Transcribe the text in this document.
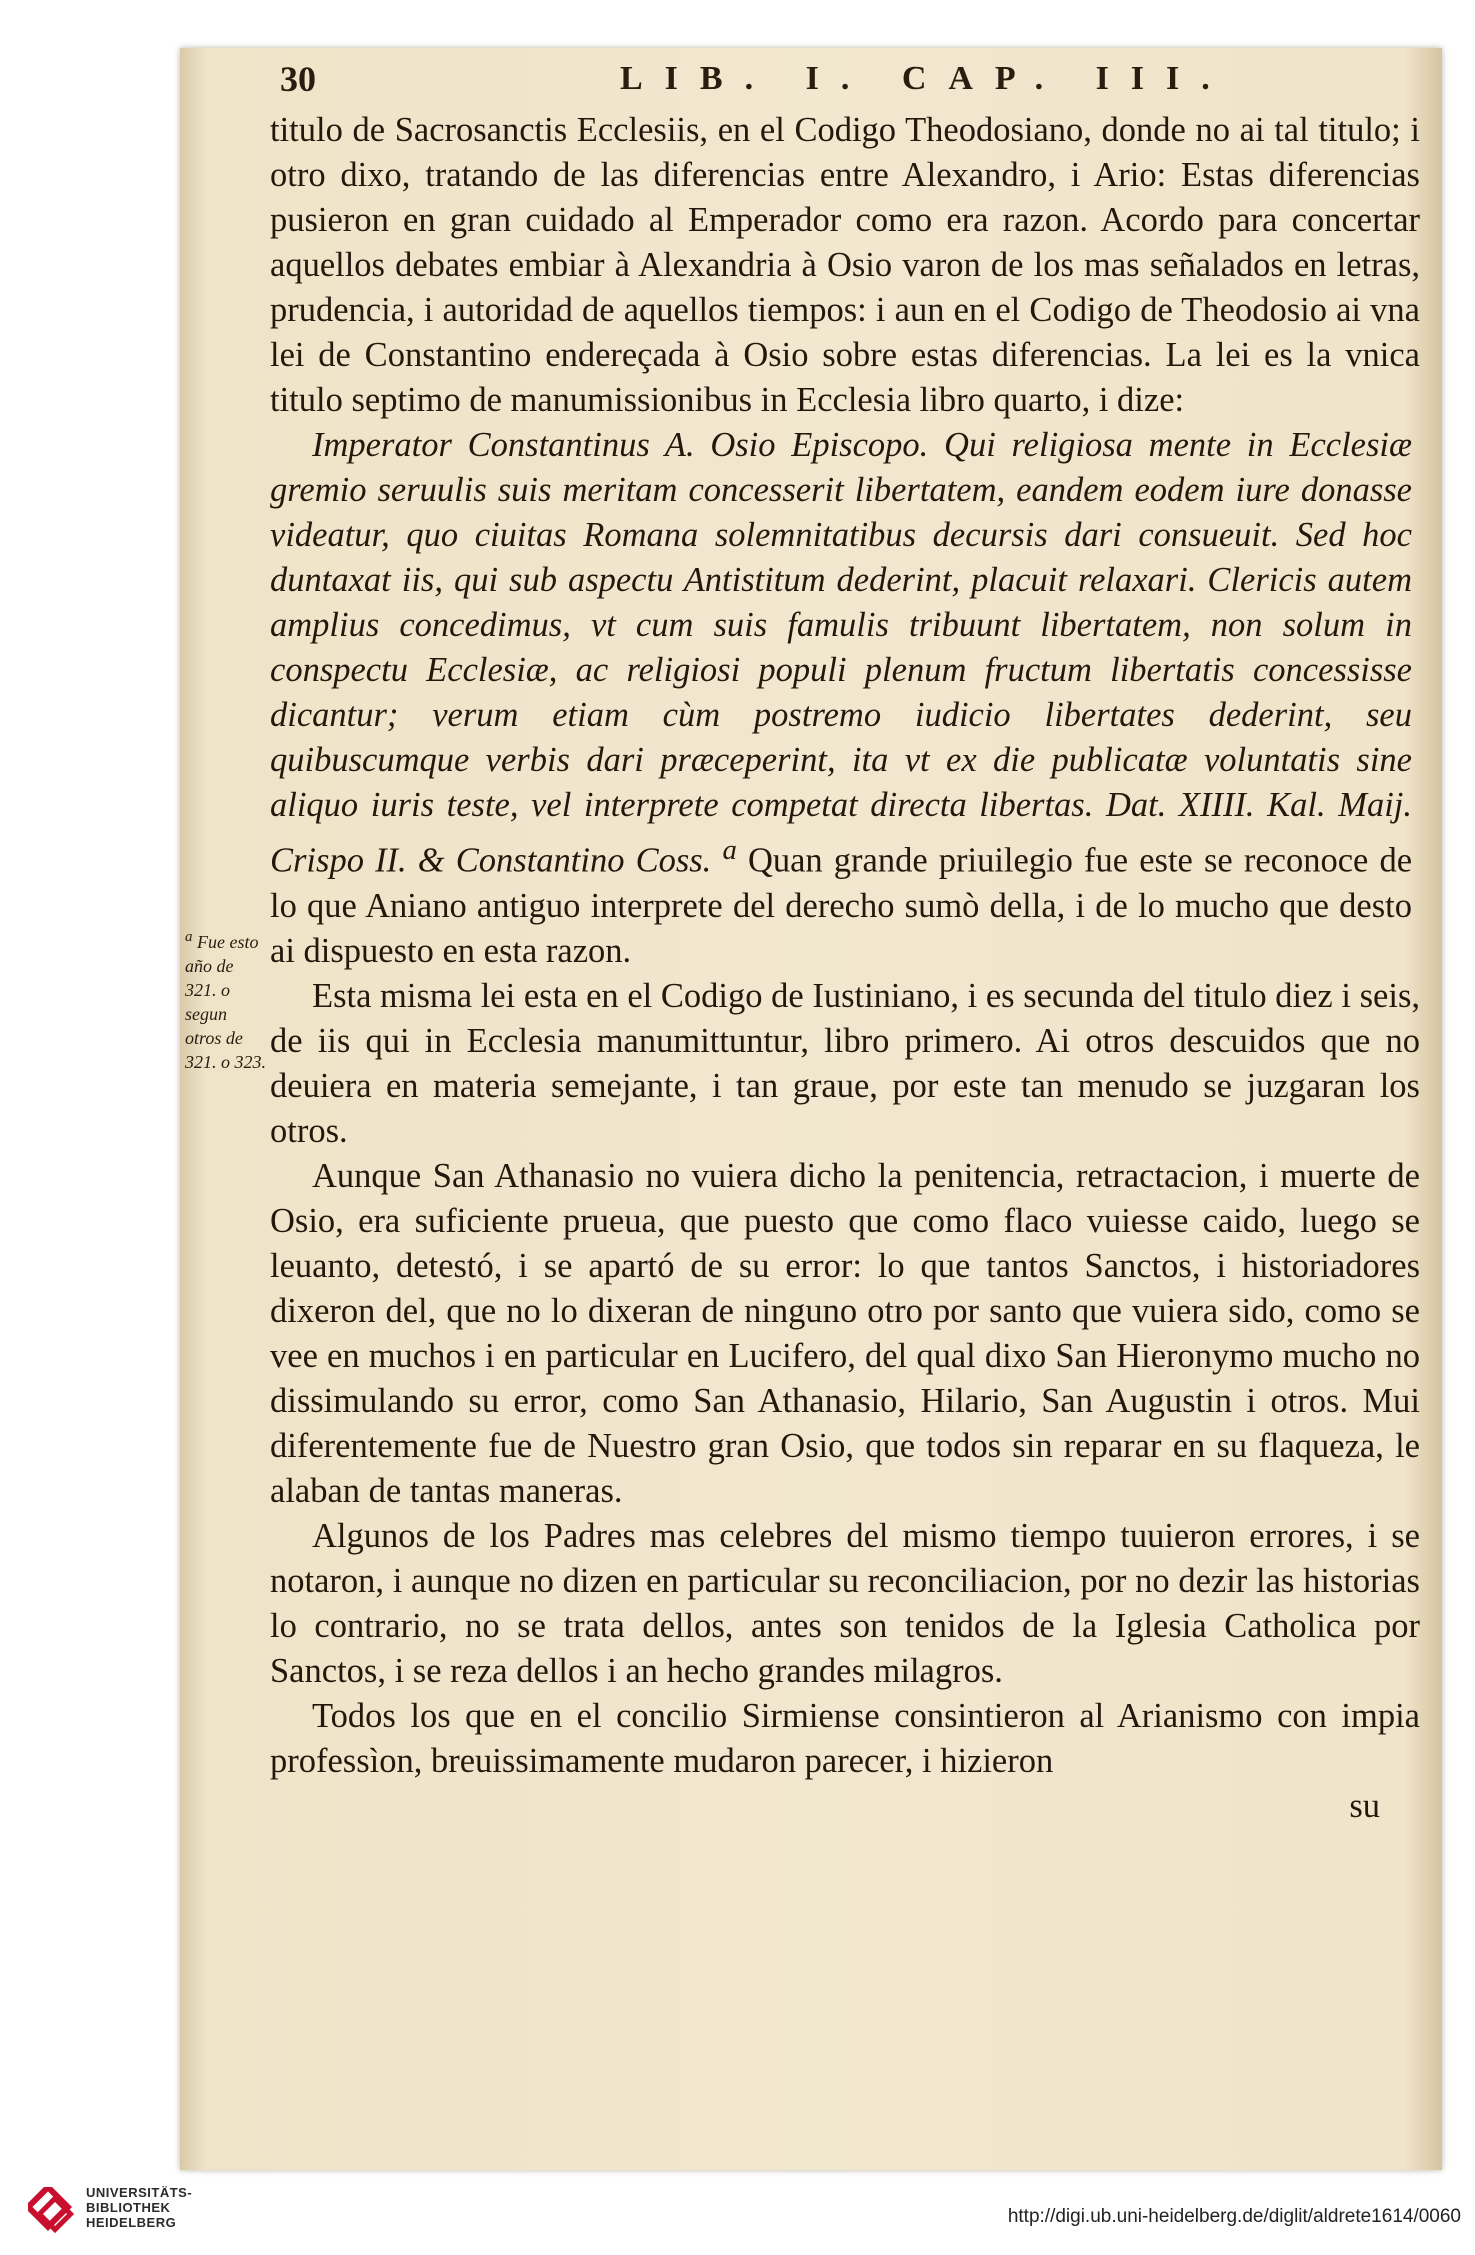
30	LIB. I. CAP. III.

titulo de Sacrosanctis Ecclesiis, en el Codigo Theodosiano, donde no ai tal titulo; i otro dixo, tratando de las diferencias entre Alexandro, i Ario: Estas diferencias pusieron en gran cuidado al Emperador como era razon. Acordo para concertar aquellos debates embiar à Alexandria à Osio varon de los mas señalados en letras, prudencia, i autoridad de aquellos tiempos: i aun en el Codigo de Theodosio ai vna lei de Constantino endereçada à Osio sobre estas diferencias. La lei es la vnica titulo septimo de manumissionibus in Ecclesia libro quarto, i dize:

Imperator Constantinus A. Osio Episcopo. Qui religiosa mente in Ecclesiæ gremio seruulis suis meritam concesserit libertatem, eandem eodem iure donasse videatur, quo ciuitas Romana solemnitatibus decursis dari consueuit. Sed hoc duntaxat iis, qui sub aspectu Antistitum dederint, placuit relaxari. Clericis autem amplius concedimus, vt cum suis famulis tribuunt libertatem, non solum in conspectu Ecclesiæ, ac religiosi populi plenum fructum libertatis concessisse dicantur; verum etiam cùm postremo iudicio libertates dederint, seu quibuscumque verbis dari præceperint, ita vt ex die publicatæ voluntatis sine aliquo iuris teste, vel interprete competat directa libertas. Dat. XIIII. Kal. Maij. Crispo II. & Constantino Coss. $^a$ Quan grande priuilegio fue este se reconoce de lo que Aniano antiguo interprete del derecho sumò della, i de lo mucho que desto ai dispuesto en esta razon.

Esta misma lei esta en el Codigo de Iustiniano, i es secunda del titulo diez i seis, de iis qui in Ecclesia manumittuntur, libro primero. Ai otros descuidos que no deuiera en materia semejante, i tan graue, por este tan menudo se juzgaran los otros.

Aunque San Athanasio no vuiera dicho la penitencia, retractacion, i muerte de Osio, era suficiente prueua, que puesto que como flaco vuiesse caido, luego se leuanto, detestó, i se apartó de su error: lo que tantos Sanctos, i historiadores dixeron del, que no lo dixeran de ninguno otro por santo que vuiera sido, como se vee en muchos i en particular en Lucifero, del qual dixo San Hieronymo mucho no dissimulando su error, como San Athanasio, Hilario, San Augustin i otros. Mui diferentemente fue de Nuestro gran Osio, que todos sin reparar en su flaqueza, le alaban de tantas maneras.

Algunos de los Padres mas celebres del mismo tiempo tuuieron errores, i se notaron, i aunque no dizen en particular su reconciliacion, por no dezir las historias lo contrario, no se trata dellos, antes son tenidos de la Iglesia Catholica por Sanctos, i se reza dellos i an hecho grandes milagros.

Todos los que en el concilio Sirmiense consintieron al Arianismo con impia professìon, breuissimamente mudaron parecer, i hizieron

su

$^a$ Fue esto año de 321. o segun otros de 321. o 323.
UNIVERSITÄTS-
BIBLIOTHEK
HEIDELBERG	http://digi.ub.uni-heidelberg.de/diglit/aldrete1614/0060
